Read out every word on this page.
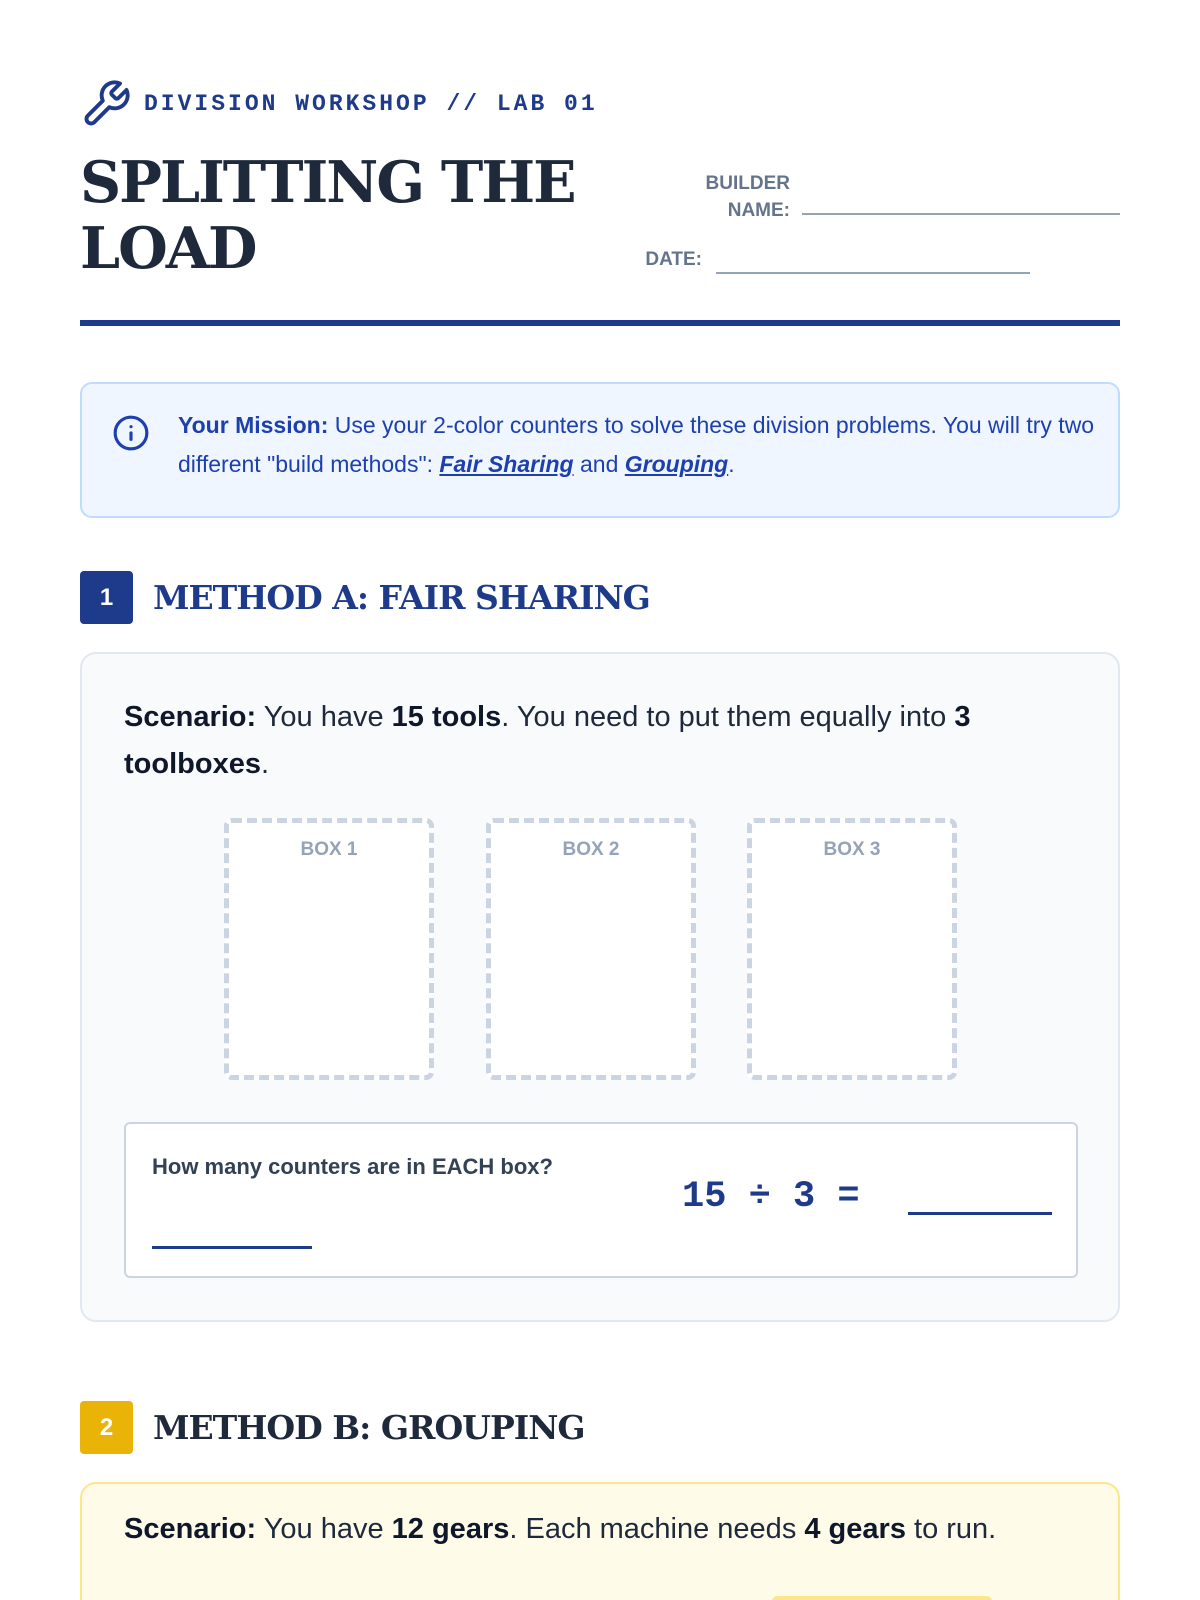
DIVISION WORKSHOP // LAB 01
SPLITTING THE LOAD
BUILDER
NAME:
DATE:

Your Mission: Use your 2-color counters to solve these division problems. You will try two different "build methods": Fair Sharing and Grouping.

1	METHOD A: FAIR SHARING

Scenario: You have 15 tools. You need to put them equally into 3 toolboxes.

BOX 1	BOX 2	BOX 3
How many counters are in EACH box?
15 ÷ 3 =
2	METHOD B: GROUPING

Scenario: You have 12 gears. Each machine needs 4 gears to run.
